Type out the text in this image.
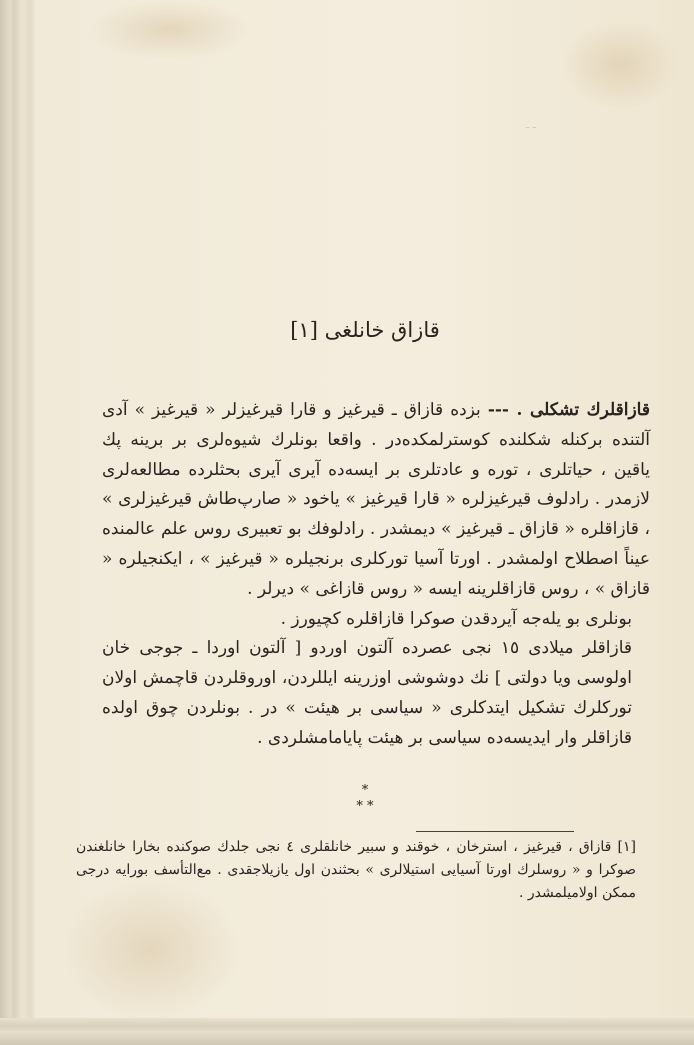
ـ ـ
قازاق خانلغی [١]

قازاقلرك تشكلی . --- بزده قازاق ـ قيرغيز و قارا قيرغيزلر « قيرغيز » آدی آلتنده بركنله شكلنده كوسترلمكده‌در . واقعا بونلرك شيوه‌لری بر برينه پك ياقين ، حياتلری ، توره و عادتلری بر ايسه‌ده آيری آيری بحثلرده مطالعه‌لری لازمدر . رادلوف قيرغيزلره « قارا قيرغيز » ياخود « صارپ‌طاش قيرغيزلری » ، قازاقلره « قازاق ـ قيرغيز » ديمشدر . رادلوفك بو تعبيری روس علم عالمنده عيناً اصطلاح اولمشدر . اورتا آسيا توركلری برنجيلره « قيرغيز » ، ايكنجيلره « قازاق » ، روس قازاقلرينه ايسه « روس قازاغی » ديرلر .

بونلری بو يله‌جه آيردقدن صوكرا قازاقلره كچيورز .

قازاقلر ميلادی ١٥ نجی عصرده آلتون اوردو [ آلتون اوردا ـ جوجی خان اولوسی ويا دولتی ] نك دوشوشی اوزرينه ايللردن، اوروقلردن قاچمش اولان توركلرك تشكيل ايتدكلری « سياسی بر هيئت » در . بونلردن چوق اولده قازاقلر وار ايديسه‌ده سياسی بر هيئت پايامامشلردی .

*
* *

[١] قازاق ، قيرغيز ، استرخان ، خوقند و سبير خانلقلری ٤ نجی جلدك صوكنده بخارا خانلغندن صوكرا و « روسلرك اورتا آسيايی استيلالری » بحثندن اول يازيلاجقدی . مع‌التأسف بورايه درجی ممكن اولاميلمشدر .
